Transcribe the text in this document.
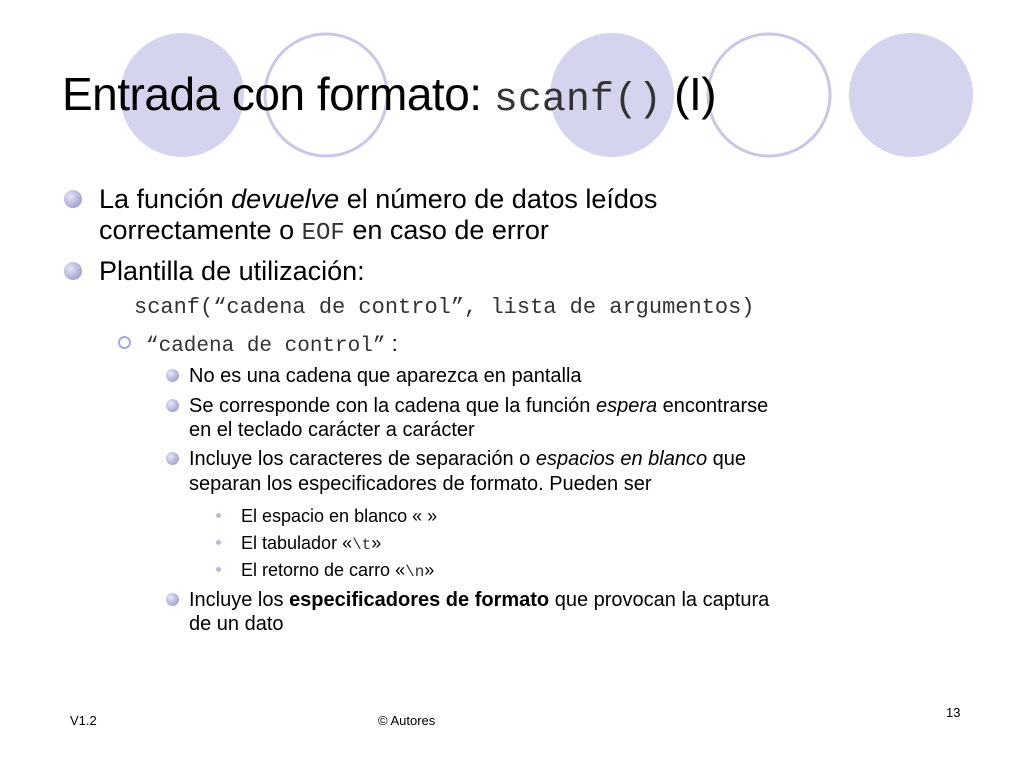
Entrada con formato: scanf() (I)
La función devuelve el número de datos leídos
correctamente o EOF en caso de error
Plantilla de utilización:
scanf(“cadena de control”, lista de argumentos)
“cadena de control” :
No es una cadena que aparezca en pantalla
Se corresponde con la cadena que la función espera encontrarse
en el teclado carácter a carácter
Incluye los caracteres de separación o espacios en blanco que
separan los especificadores de formato. Pueden ser
El espacio en blanco « »
El tabulador «\t»
El retorno de carro «\n»
Incluye los especificadores de formato que provocan la captura
de un dato
V1.2	© Autores
13
